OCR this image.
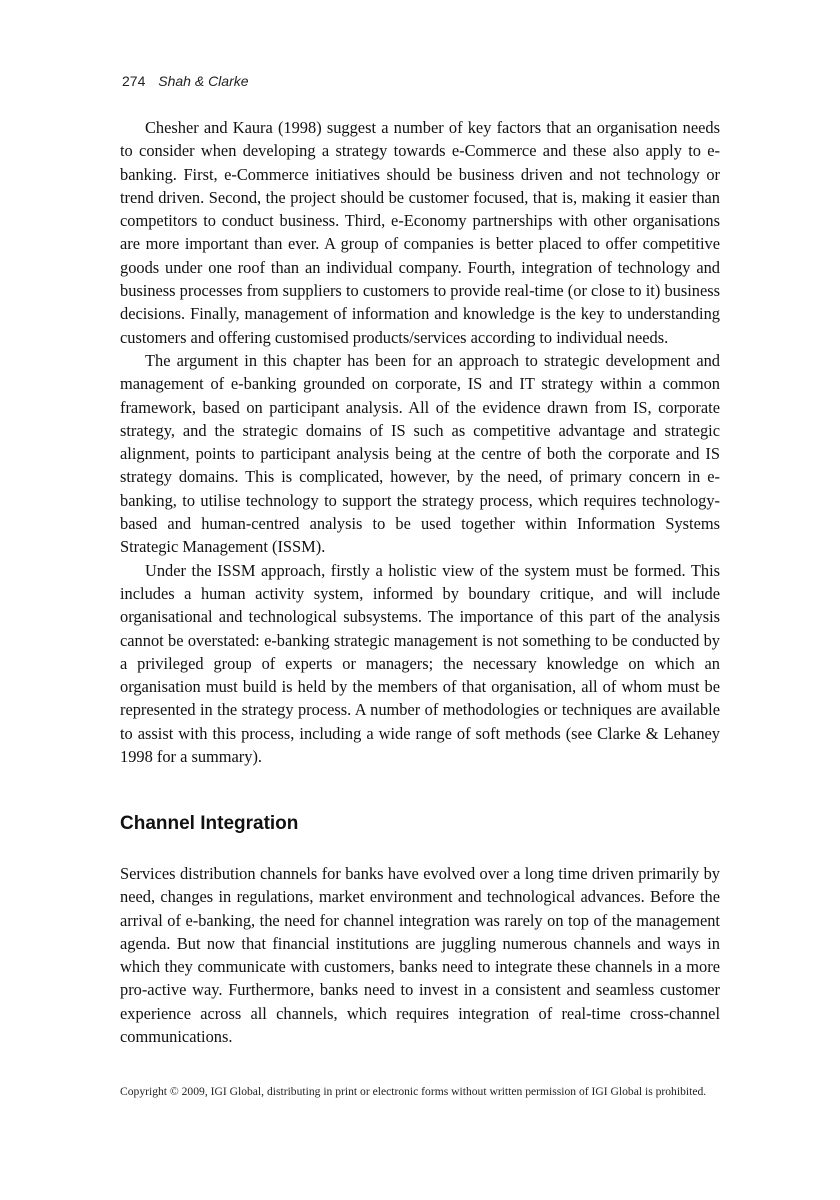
274 Shah & Clarke

Chesher and Kaura (1998) suggest a number of key factors that an organisation needs to consider when developing a strategy towards e-Commerce and these also apply to e-banking. First, e-Commerce initiatives should be business driven and not technology or trend driven. Second, the project should be customer focused, that is, making it easier than competitors to conduct business. Third, e-Economy partnerships with other organisations are more important than ever. A group of companies is better placed to offer competitive goods under one roof than an individual company. Fourth, integration of technology and business processes from suppliers to customers to provide real-time (or close to it) business decisions. Finally, management of information and knowledge is the key to understanding customers and offering customised products/services according to individual needs.

The argument in this chapter has been for an approach to strategic development and management of e-banking grounded on corporate, IS and IT strategy within a common framework, based on participant analysis. All of the evidence drawn from IS, corporate strategy, and the strategic domains of IS such as competitive advantage and strategic alignment, points to participant analysis being at the centre of both the corporate and IS strategy domains. This is complicated, however, by the need, of primary concern in e-banking, to utilise technology to support the strategy process, which requires technology-based and human-centred analysis to be used together within Information Systems Strategic Management (ISSM).

Under the ISSM approach, firstly a holistic view of the system must be formed. This includes a human activity system, informed by boundary critique, and will include organisational and technological subsystems. The importance of this part of the analysis cannot be overstated: e-banking strategic management is not something to be conducted by a privileged group of experts or managers; the necessary knowledge on which an organisation must build is held by the members of that organisation, all of whom must be represented in the strategy process. A number of methodologies or techniques are available to assist with this process, including a wide range of soft methods (see Clarke & Lehaney 1998 for a summary).

Channel Integration

Services distribution channels for banks have evolved over a long time driven primarily by need, changes in regulations, market environment and technological advances. Before the arrival of e-banking, the need for channel integration was rarely on top of the management agenda. But now that financial institutions are juggling numerous channels and ways in which they communicate with customers, banks need to integrate these channels in a more pro-active way. Furthermore, banks need to invest in a consistent and seamless customer experience across all channels, which requires integration of real-time cross-channel communications.

Copyright © 2009, IGI Global, distributing in print or electronic forms without written permission of IGI Global is prohibited.
